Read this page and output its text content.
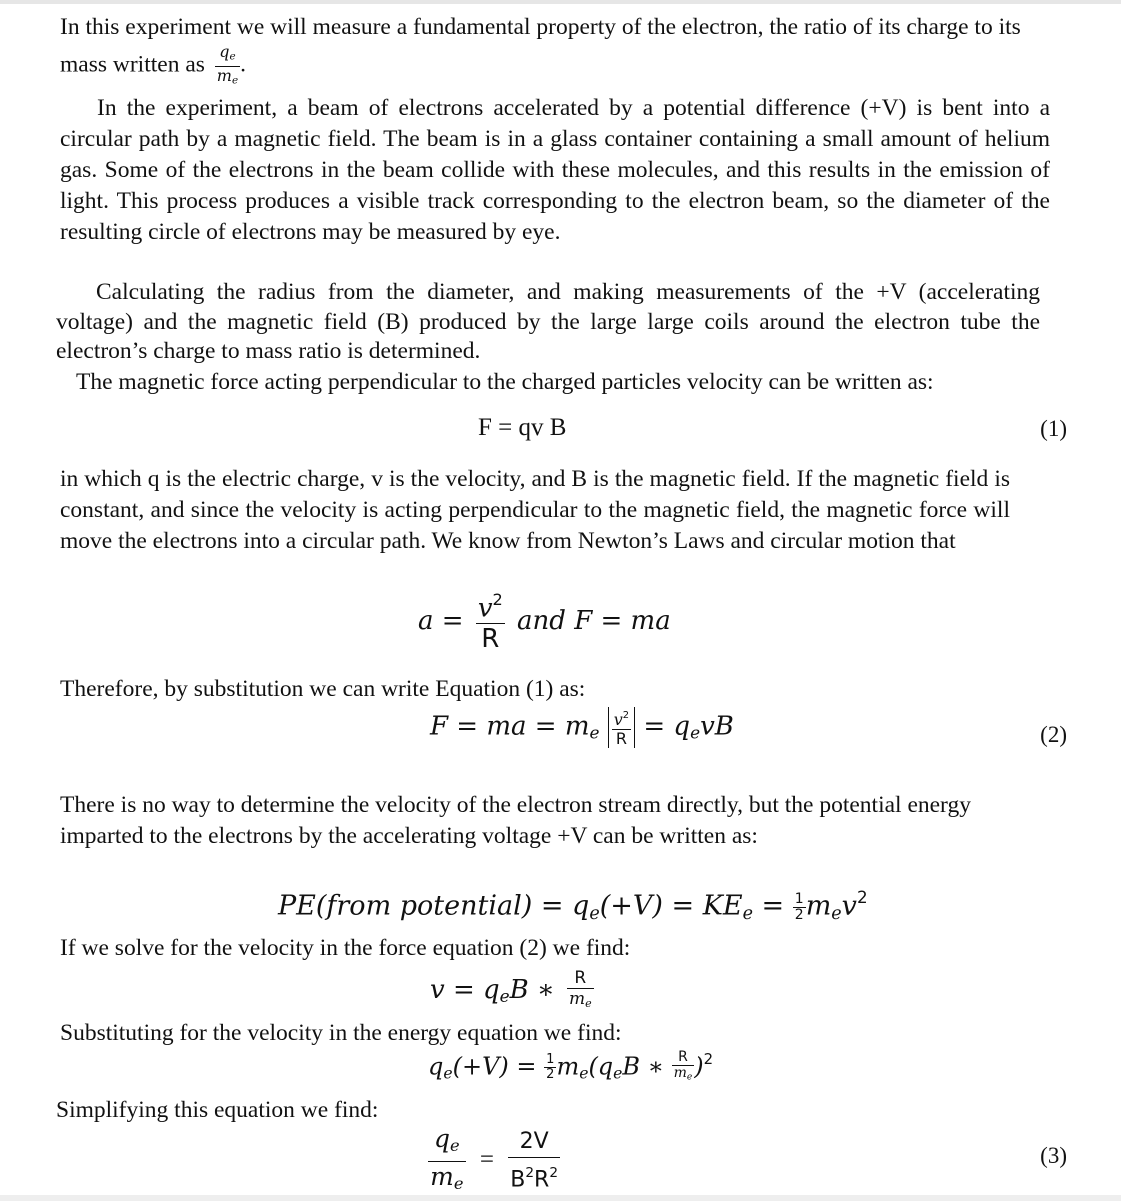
In this experiment we will measure a fundamental property of the electron, the ratio of its charge to its mass written as $\frac{qe}{me}$ .

In the experiment, a beam of electrons accelerated by a potential difference (+V) is bent into a circular path by a magnetic field. The beam is in a glass container containing a small amount of helium gas. Some of the electrons in the beam collide with these molecules, and this results in the emission of light. This process produces a visible track corresponding to the electron beam, so the diameter of the resulting circle of electrons may be measured by eye.

Calculating the radius from the diameter, and making measurements of the +V (accelerating voltage) and the magnetic field (B) produced by the large large coils around the electron tube the electron’s charge to mass ratio is determined.

The magnetic force acting perpendicular to the charged particles velocity can be written as:

F = qv B	(1)

in which q is the electric charge, v is the velocity, and B is the magnetic field. If the magnetic field is constant, and since the velocity is acting perpendicular to the magnetic field, the magnetic force will move the electrons into a circular path. We know from Newton’s Laws and circular motion that

$a = \frac{v^2}{R}$ and F = ma

Therefore, by substitution we can write Equation (1) as:

F = ma = me $\frac{v^2}{R}$ = qevB	(2)

There is no way to determine the velocity of the electron stream directly, but the potential energy imparted to the electrons by the accelerating voltage +V can be written as:

PE(from potential) = qe(+V) = KEe = $\frac{1}{2} mev^2$

If we solve for the velocity in the force equation (2) we find:

v = qeB ∗ $\frac{R}{me}$

Substituting for the velocity in the energy equation we find:

$qe(+V) = \frac{1}{2} me(qeB$ ∗ $\frac{R}{me} )^2$

Simplifying this equation we find:

$\frac{qe}{me} = \frac{2V}{B^2R^2}$	(3)
